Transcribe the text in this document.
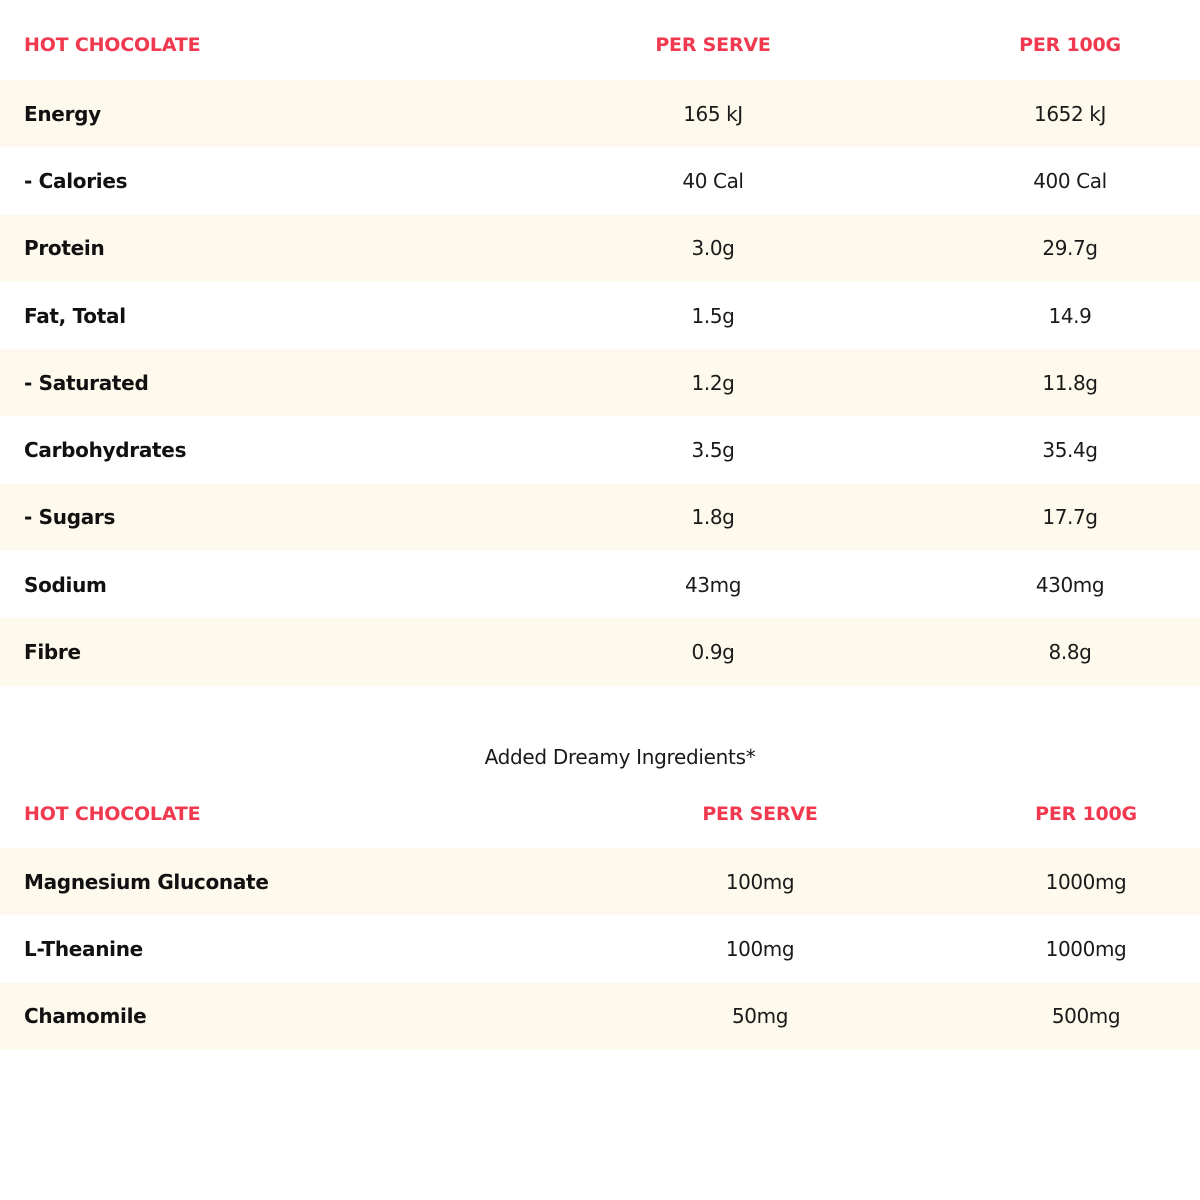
HOT CHOCOLATE	PER SERVE	PER 100G
Energy	165 kJ	1652 kJ
- Calories	40 Cal	400 Cal
Protein	3.0g	29.7g
Fat, Total	1.5g	14.9
- Saturated	1.2g	11.8g
Carbohydrates	3.5g	35.4g
- Sugars	1.8g	17.7g
Sodium	43mg	430mg
Fibre	0.9g	8.8g
Added Dreamy Ingredients*
HOT CHOCOLATE	PER SERVE	PER 100G
Magnesium Gluconate	100mg	1000mg
L-Theanine	100mg	1000mg
Chamomile	50mg	500mg
